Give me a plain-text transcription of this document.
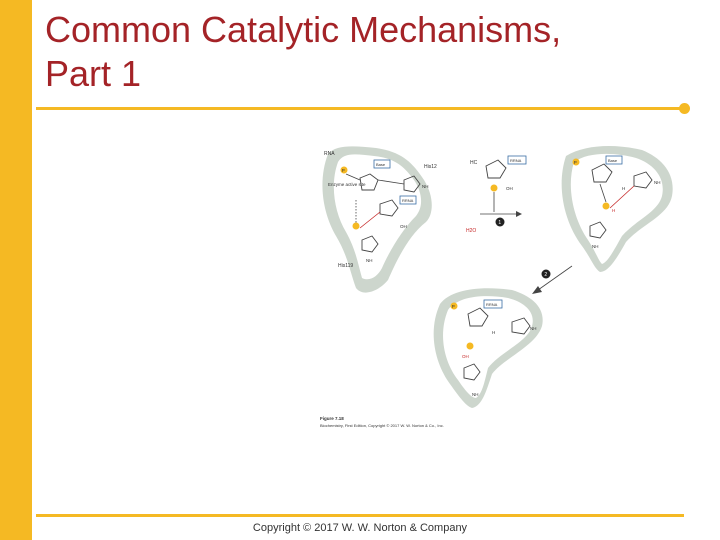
Common Catalytic Mechanisms,
Part 1
RNA
His12
Enzyme active site
His119
P
Base
NH
RRNA
NH
OH
HC	RRNA
OH
H2O
1
P	Base
NH
H
H
NH
2
P	RRNA
NH
H
OH
NH
Figure 7.18
Biochemistry, First Edition, Copyright © 2017 W. W. Norton & Co., Inc.
Copyright © 2017 W. W. Norton & Company
